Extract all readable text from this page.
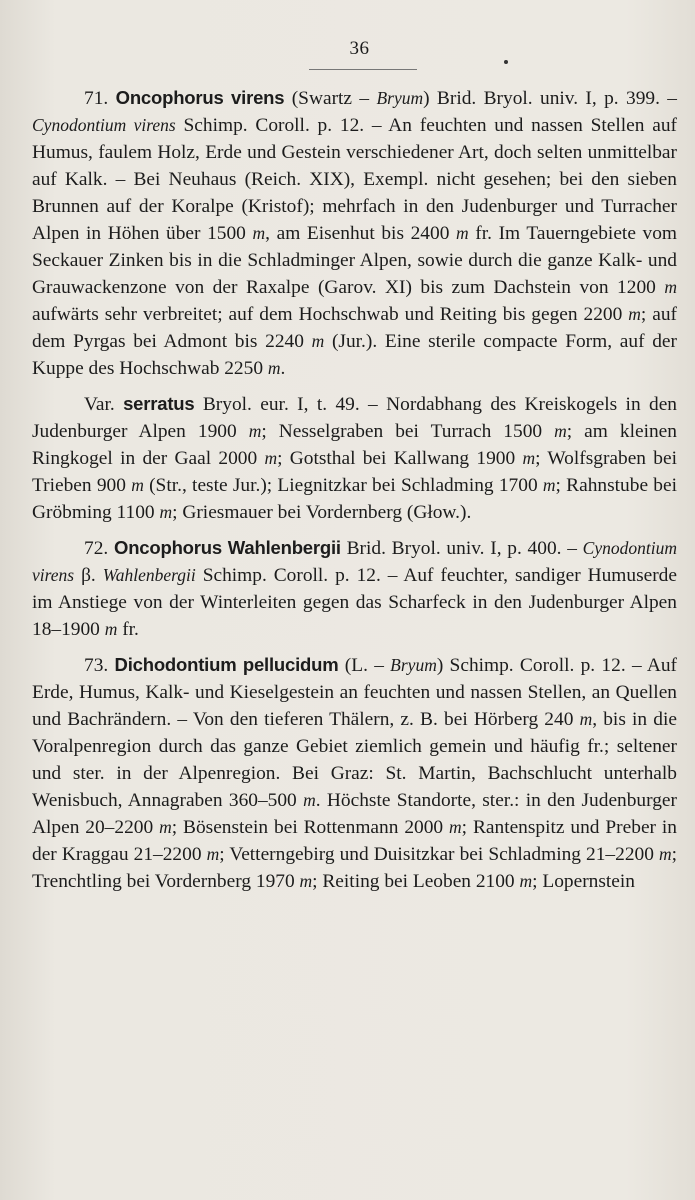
36

71. Oncophorus virens (Swartz – Bryum) Brid. Bryol. univ. I, p. 399. – Cynodontium virens Schimp. Coroll. p. 12. – An feuchten und nassen Stellen auf Humus, faulem Holz, Erde und Gestein verschiedener Art, doch selten unmittelbar auf Kalk. – Bei Neuhaus (Reich. XIX), Exempl. nicht gesehen; bei den sieben Brunnen auf der Koralpe (Kristof); mehrfach in den Judenburger und Turracher Alpen in Höhen über 1500 m, am Eisenhut bis 2400 m fr. Im Tauerngebiete vom Seckauer Zinken bis in die Schladminger Alpen, sowie durch die ganze Kalk- und Grauwackenzone von der Raxalpe (Garov. XI) bis zum Dachstein von 1200 m aufwärts sehr verbreitet; auf dem Hochschwab und Reiting bis gegen 2200 m; auf dem Pyrgas bei Admont bis 2240 m (Jur.). Eine sterile compacte Form, auf der Kuppe des Hochschwab 2250 m.

Var. serratus Bryol. eur. I, t. 49. – Nordabhang des Kreiskogels in den Judenburger Alpen 1900 m; Nesselgraben bei Turrach 1500 m; am kleinen Ringkogel in der Gaal 2000 m; Gotsthal bei Kallwang 1900 m; Wolfsgraben bei Trieben 900 m (Str., teste Jur.); Liegnitzkar bei Schladming 1700 m; Rahnstube bei Gröbming 1100 m; Griesmauer bei Vordernberg (Głow.).

72. Oncophorus Wahlenbergii Brid. Bryol. univ. I, p. 400. – Cynodontium virens β. Wahlenbergii Schimp. Coroll. p. 12. – Auf feuchter, sandiger Humuserde im Anstiege von der Winterleiten gegen das Scharfeck in den Judenburger Alpen 18–1900 m fr.

73. Dichodontium pellucidum (L. – Bryum) Schimp. Coroll. p. 12. – Auf Erde, Humus, Kalk- und Kieselgestein an feuchten und nassen Stellen, an Quellen und Bachrändern. – Von den tieferen Thälern, z. B. bei Hörberg 240 m, bis in die Voralpenregion durch das ganze Gebiet ziemlich gemein und häufig fr.; seltener und ster. in der Alpenregion. Bei Graz: St. Martin, Bachschlucht unterhalb Wenisbuch, Annagraben 360–500 m. Höchste Standorte, ster.: in den Judenburger Alpen 20–2200 m; Bösenstein bei Rottenmann 2000 m; Rantenspitz und Preber in der Kraggau 21–2200 m; Vetterngebirg und Duisitzkar bei Schladming 21–2200 m; Trenchtling bei Vordernberg 1970 m; Reiting bei Leoben 2100 m; Lopernstein
